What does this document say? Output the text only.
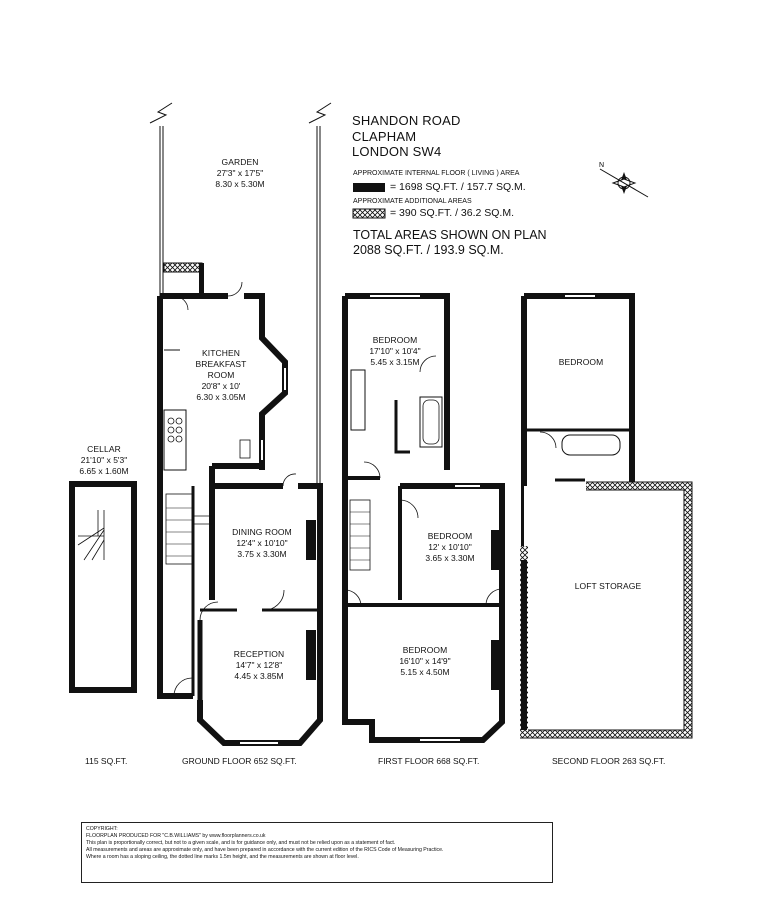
N
SHANDON ROAD
CLAPHAM
LONDON SW4
APPROXIMATE INTERNAL FLOOR ( LIVING ) AREA
= 1698 SQ.FT. / 157.7 SQ.M.
APPROXIMATE ADDITIONAL AREAS
= 390 SQ.FT. / 36.2 SQ.M.
TOTAL AREAS SHOWN ON PLAN
2088 SQ.FT. / 193.9 SQ.M.
GARDEN
27'3" x 17'5"
8.30 x 5.30M
CELLAR
21'10" x 5'3"
6.65 x 1.60M
KITCHEN
BREAKFAST
ROOM
20'8" x 10'
6.30 x 3.05M
DINING ROOM
12'4" x 10'10"
3.75 x 3.30M
RECEPTION
14'7" x 12'8"
4.45 x 3.85M
BEDROOM
17'10" x 10'4"
5.45 x 3.15M
BEDROOM
12' x 10'10"
3.65 x 3.30M
BEDROOM
16'10" x 14'9"
5.15 x 4.50M
BEDROOM
LOFT STORAGE
115 SQ.FT.	GROUND FLOOR 652 SQ.FT.	FIRST FLOOR 668 SQ.FT.	SECOND FLOOR 263 SQ.FT.
COPYRIGHT:
FLOORPLAN PRODUCED FOR "C.B.WILLIAMS" by www.floorplanners.co.uk
This plan is proportionally correct, but not to a given scale, and is for guidance only, and must not be relied upon as a statement of fact.
All measurements and areas are approximate only, and have been prepared in accordance with the current edition of the RICS Code of Measuring Practice.
Where a room has a sloping ceiling, the dotted line marks 1.5m height, and the measurements are shown at floor level.
